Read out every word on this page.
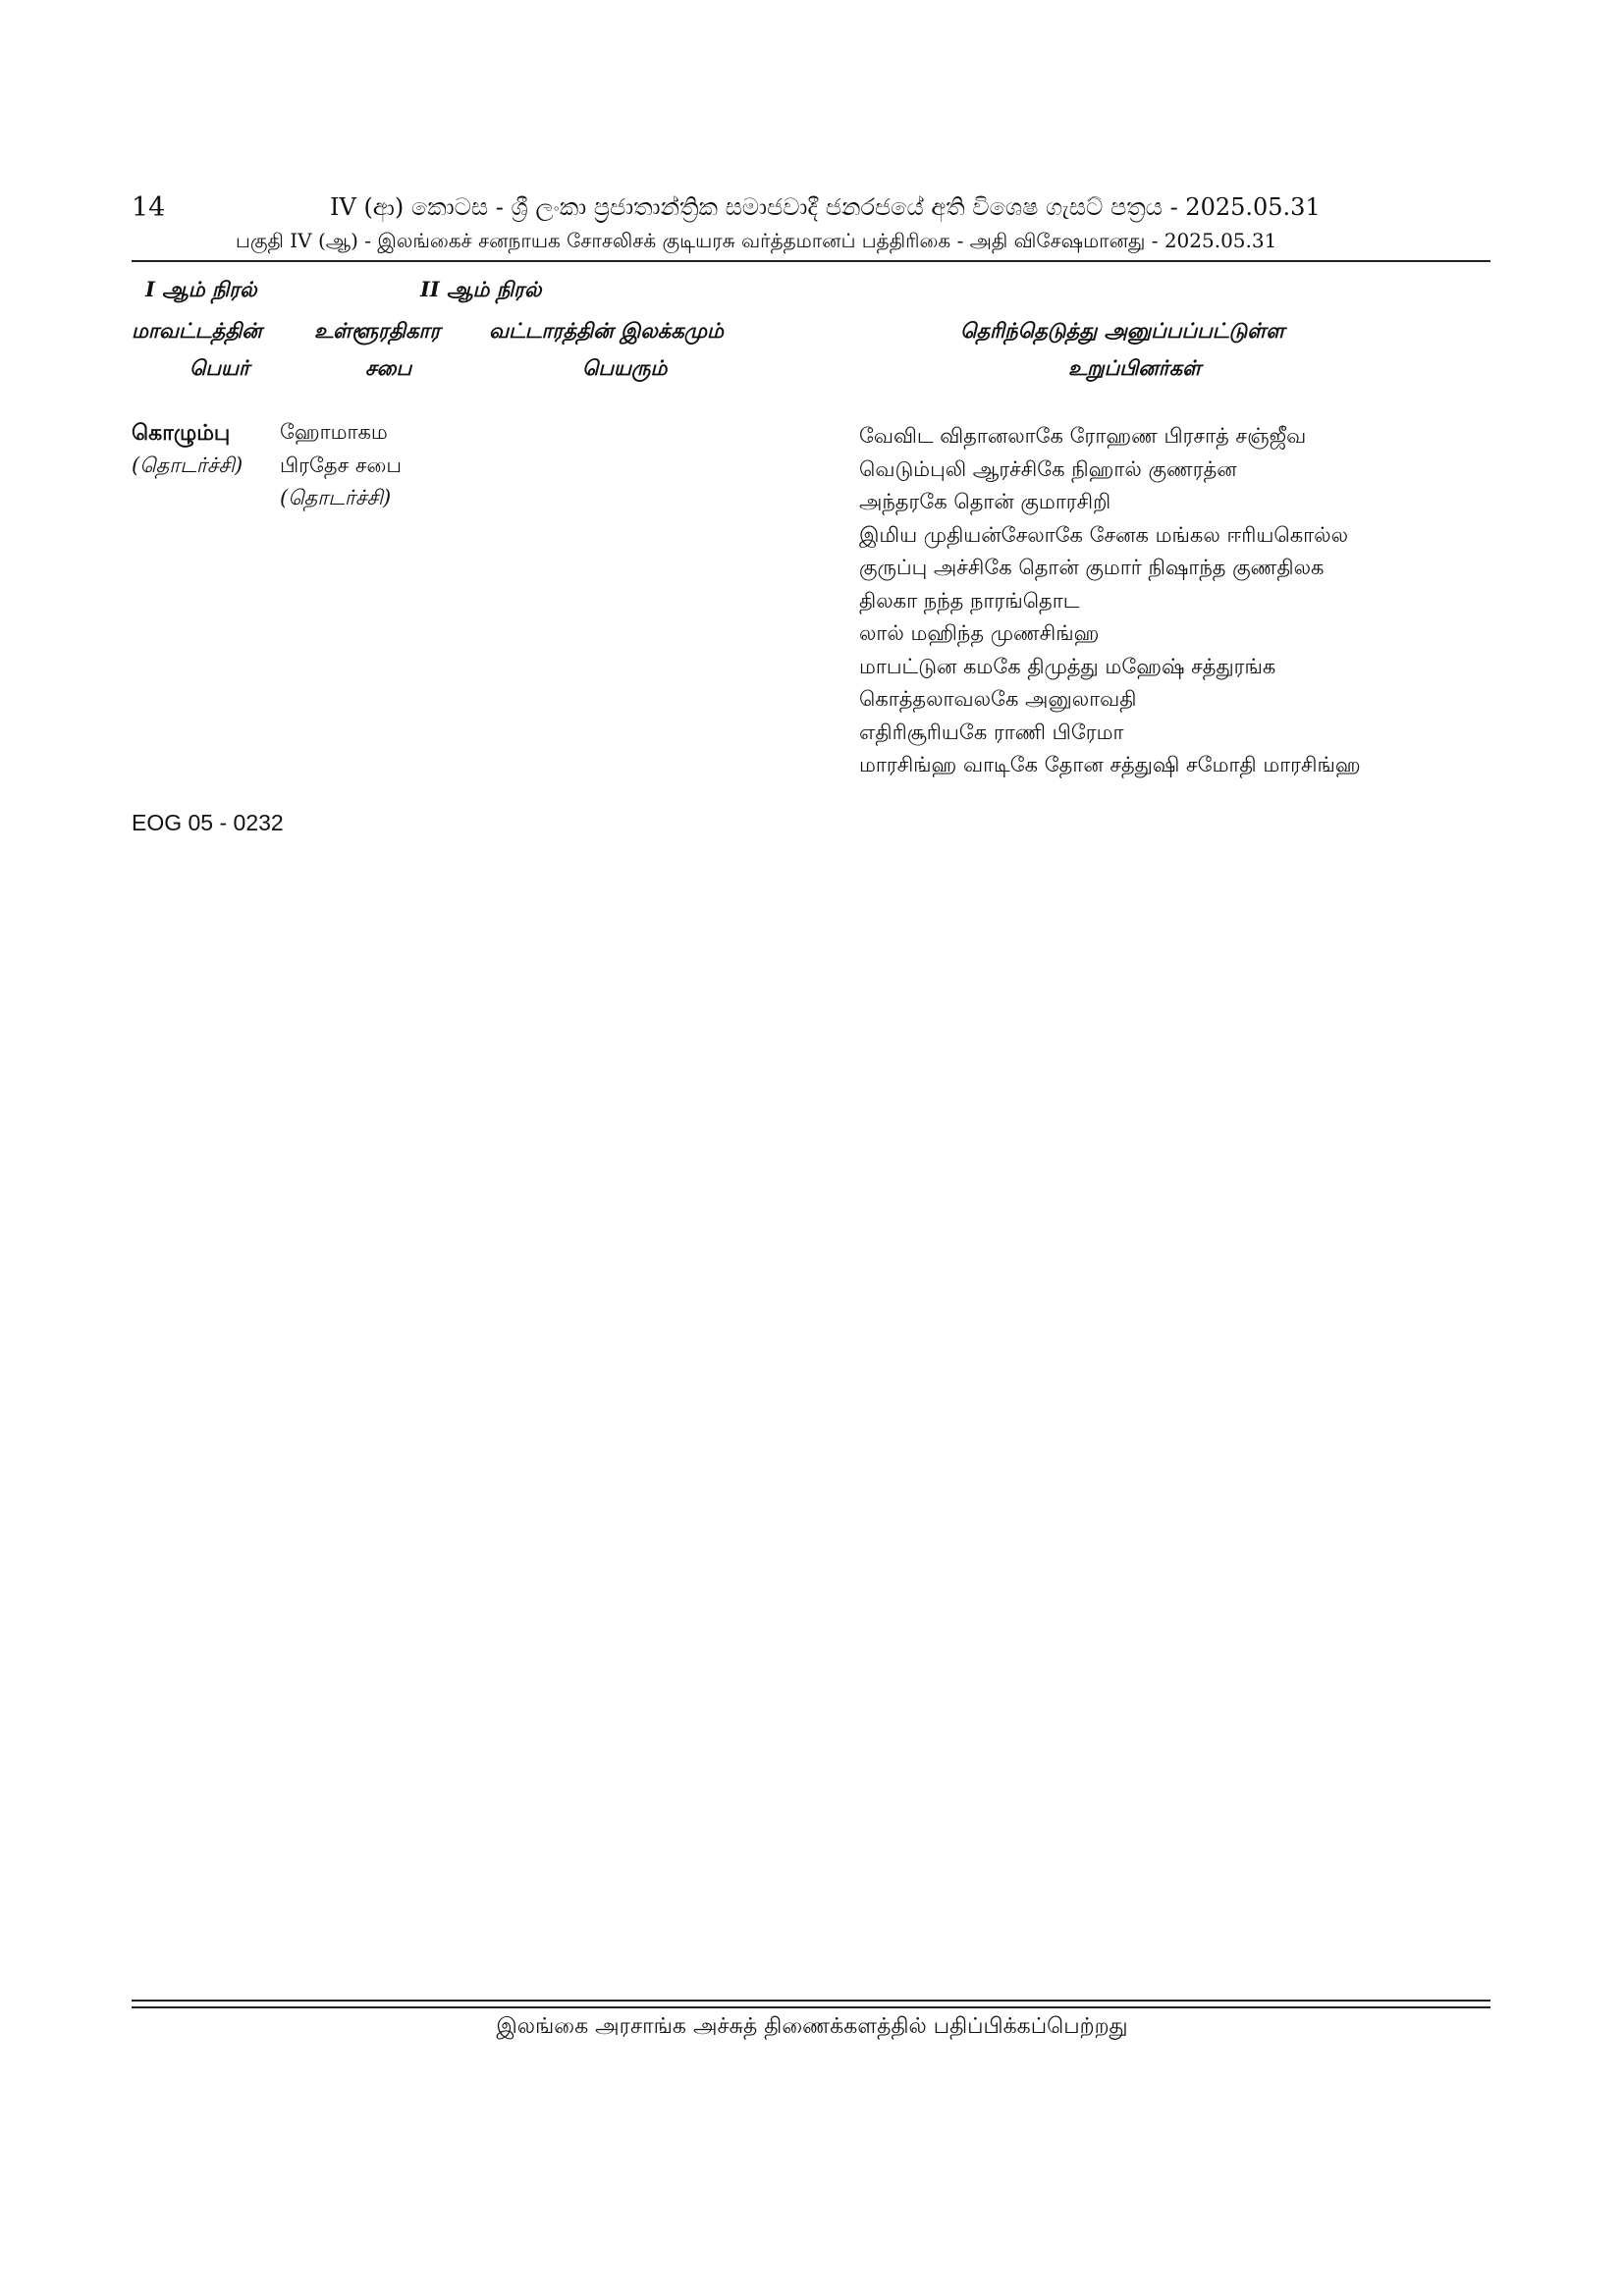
14	IV (ආ) කොටස - ශ්‍රී ලංකා ප්‍රජාතාන්ත්‍රික සමාජවාදී ජනරජයේ අති විශෙෂ ගැසට් පත්‍රය - 2025.05.31
பகுதி IV (ஆ) - இலங்கைச் சனநாயக சோசலிசக் குடியரசு வர்த்தமானப் பத்திரிகை - அதி விசேஷமானது - 2025.05.31
I ஆம் நிரல்	II ஆம் நிரல்
மாவட்டத்தின்
பெயர்
உள்ளூரதிகார
சபை
வட்டாரத்தின் இலக்கமும்
பெயரும்
தெரிந்தெடுத்து அனுப்பப்பட்டுள்ள
உறுப்பினர்கள்
கொழும்பு
(தொடர்ச்சி)
ஹோமாகம
பிரதேச சபை
(தொடர்ச்சி)
வேவிட விதானலாகே ரோஹண பிரசாத் சஞ்ஜீவ
வெடும்புலி ஆரச்சிகே நிஹால் குணரத்ன
அந்தரகே தொன் குமாரசிறி
இமிய முதியன்சேலாகே சேனக மங்கல ஈரியகொல்ல
குருப்பு அச்சிகே தொன் குமார் நிஷாந்த குணதிலக
திலகா நந்த நாரங்தொட
லால் மஹிந்த முணசிங்ஹ
மாபட்டுன கமகே திமுத்து மஹேஷ் சத்துரங்க
கொத்தலாவலகே அனுலாவதி
எதிரிசூரியகே ராணி பிரேமா
மாரசிங்ஹ வாடிகே தோன சத்துஷி சமோதி மாரசிங்ஹ
EOG 05 - 0232
இலங்கை அரசாங்க அச்சுத் திணைக்களத்தில் பதிப்பிக்கப்பெற்றது
